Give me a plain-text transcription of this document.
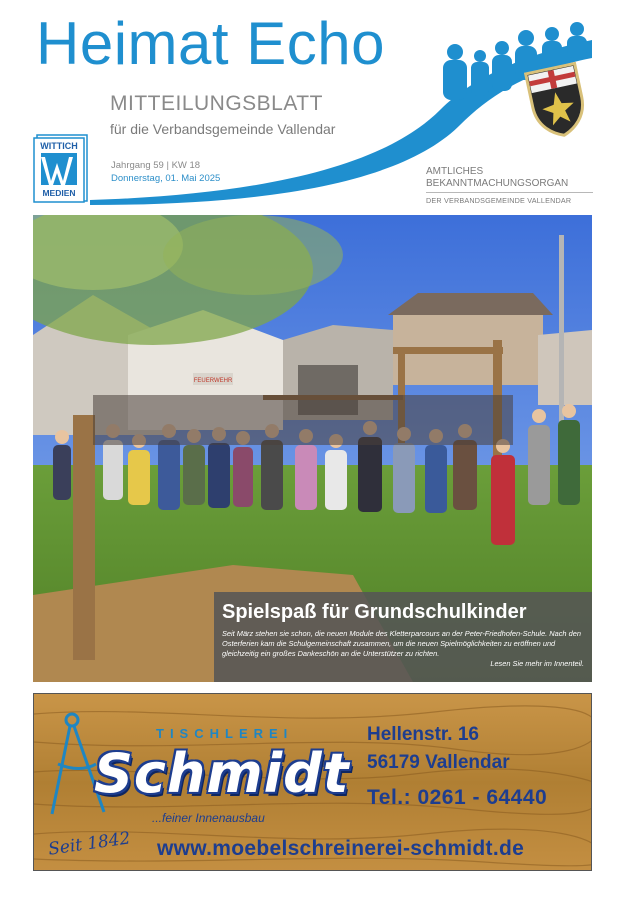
Heimat Echo
MITTEILUNGSBLATT
für die Verbandsgemeinde Vallendar
Jahrgang 59 | KW 18
Donnerstag, 01. Mai 2025
AMTLICHES
BEKANNTMACHUNGSORGAN
DER VERBANDSGEMEINDE VALLENDAR
WITTICH
MEDIEN
FEUERWEHR
Spielspaß für Grundschulkinder
Seit März stehen sie schon, die neuen Module des Kletterparcours an der Peter-Friedhofen-Schule. Nach den Osterferien kam die Schulgemeinschaft zusammen, um die neuen Spielmöglichkeiten zu eröffnen und gleichzeitig ein großes Dankeschön an die Unterstützer zu richten.
Lesen Sie mehr im Innenteil.
TISCHLEREI
Schmidt
...feiner Innenausbau
Seit 1842
Hellenstr. 16
56179 Vallendar
Tel.: 0261 - 64440
www.moebelschreinerei-schmidt.de
